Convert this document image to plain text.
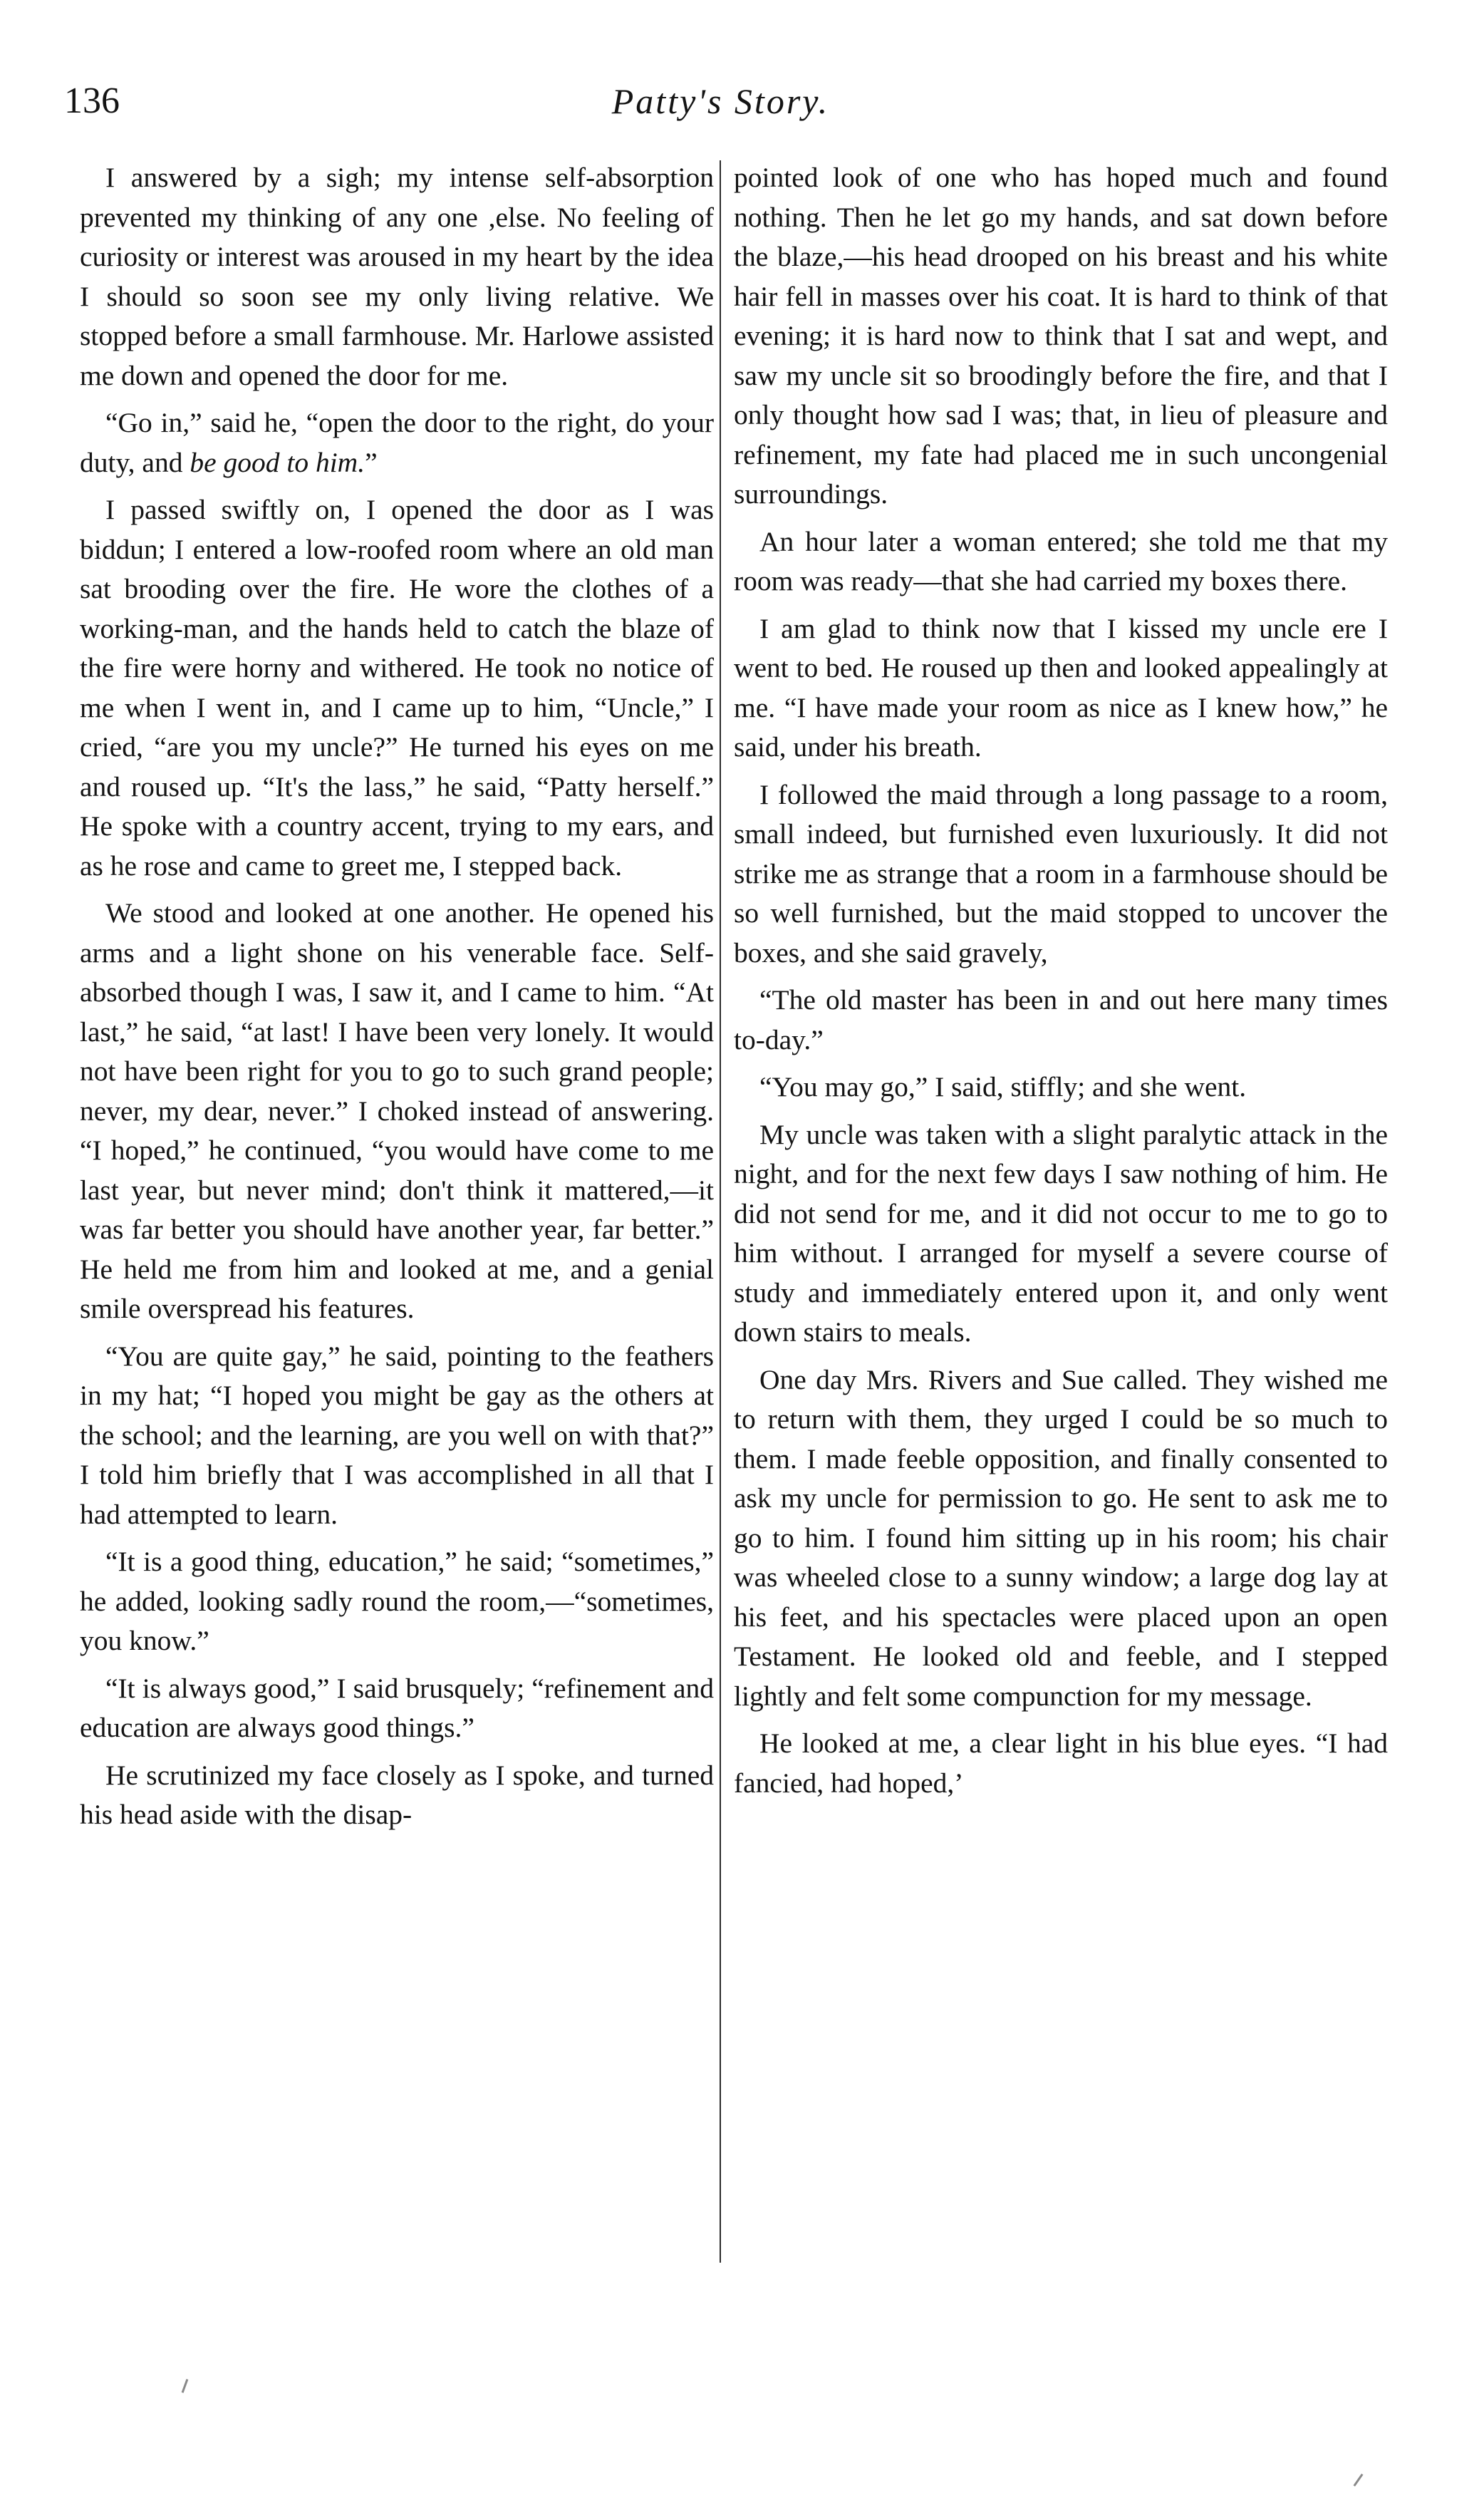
136	Patty's Story.

I answered by a sigh; my intense self-absorption prevented my thinking of any one ,else. No feeling of curiosity or interest was aroused in my heart by the idea I should so soon see my only living relative. We stopped before a small farmhouse. Mr. Harlowe assisted me down and opened the door for me.

“Go in,” said he, “open the door to the right, do your duty, and be good to him.”

I passed swiftly on, I opened the door as I was biddun; I entered a low-roofed room where an old man sat brooding over the fire. He wore the clothes of a working-man, and the hands held to catch the blaze of the fire were horny and withered. He took no notice of me when I went in, and I came up to him, “Uncle,” I cried, “are you my uncle?” He turned his eyes on me and roused up. “It's the lass,” he said, “Patty herself.” He spoke with a country accent, trying to my ears, and as he rose and came to greet me, I stepped back.

We stood and looked at one another. He opened his arms and a light shone on his venerable face. Self-absorbed though I was, I saw it, and I came to him. “At last,” he said, “at last! I have been very lonely. It would not have been right for you to go to such grand people; never, my dear, never.” I choked instead of answering. “I hoped,” he continued, “you would have come to me last year, but never mind; don't think it mattered,—it was far better you should have another year, far better.” He held me from him and looked at me, and a genial smile overspread his features.

“You are quite gay,” he said, pointing to the feathers in my hat; “I hoped you might be gay as the others at the school; and the learning, are you well on with that?” I told him briefly that I was accomplished in all that I had attempted to learn.

“It is a good thing, education,” he said; “sometimes,” he added, looking sadly round the room,—“sometimes, you know.”

“It is always good,” I said brusquely; “refinement and education are always good things.”

He scrutinized my face closely as I spoke, and turned his head aside with the disap-

pointed look of one who has hoped much and found nothing. Then he let go my hands, and sat down before the blaze,—his head drooped on his breast and his white hair fell in masses over his coat. It is hard to think of that evening; it is hard now to think that I sat and wept, and saw my uncle sit so broodingly before the fire, and that I only thought how sad I was; that, in lieu of pleasure and refinement, my fate had placed me in such uncongenial surroundings.

An hour later a woman entered; she told me that my room was ready—that she had carried my boxes there.

I am glad to think now that I kissed my uncle ere I went to bed. He roused up then and looked appealingly at me. “I have made your room as nice as I knew how,” he said, under his breath.

I followed the maid through a long passage to a room, small indeed, but furnished even luxuriously. It did not strike me as strange that a room in a farmhouse should be so well furnished, but the maid stopped to uncover the boxes, and she said gravely,

“The old master has been in and out here many times to-day.”

“You may go,” I said, stiffly; and she went.

My uncle was taken with a slight paralytic attack in the night, and for the next few days I saw nothing of him. He did not send for me, and it did not occur to me to go to him without. I arranged for myself a severe course of study and immediately entered upon it, and only went down stairs to meals.

One day Mrs. Rivers and Sue called. They wished me to return with them, they urged I could be so much to them. I made feeble opposition, and finally consented to ask my uncle for permission to go. He sent to ask me to go to him. I found him sitting up in his room; his chair was wheeled close to a sunny window; a large dog lay at his feet, and his spectacles were placed upon an open Testament. He looked old and feeble, and I stepped lightly and felt some compunction for my message.

He looked at me, a clear light in his blue eyes. “I had fancied, had hoped,’
